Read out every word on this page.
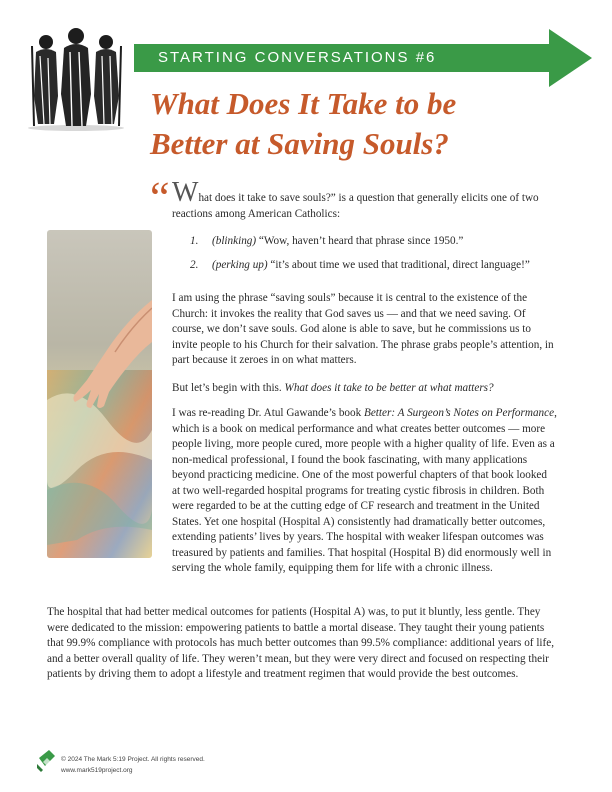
STARTING CONVERSATIONS #6
What Does It Take to be
Better at Saving Souls?
“ What does it take to save souls?” is a question that generally elicits one of two reactions among American Catholics:

1. (blinking) “Wow, haven’t heard that phrase since 1950.”
2. (perking up) “it’s about time we used that traditional, direct language!”

I am using the phrase “saving souls” because it is central to the existence of the Church: it invokes the reality that God saves us — and that we need saving. Of course, we don’t save souls. God alone is able to save, but he commissions us to invite people to his Church for their salvation. The phrase grabs people’s attention, in part because it zeroes in on what matters.

But let’s begin with this. What does it take to be better at what matters?

I was re-reading Dr. Atul Gawande’s book Better: A Surgeon’s Notes on Performance, which is a book on medical performance and what creates better outcomes — more people living, more people cured, more people with a higher quality of life. Even as a non-medical professional, I found the book fascinating, with many applications beyond practicing medicine. One of the most powerful chapters of that book looked at two well-regarded hospital programs for treating cystic fibrosis in children. Both were regarded to be at the cutting edge of CF research and treatment in the United States. Yet one hospital (Hospital A) consistently had dramatically better outcomes, extending patients’ lives by years. The hospital with weaker lifespan outcomes was treasured by patients and families. That hospital (Hospital B) did enormously well in serving the whole family, equipping them for life with a chronic illness.

The hospital that had better medical outcomes for patients (Hospital A) was, to put it bluntly, less gentle. They were dedicated to the mission: empowering patients to battle a mortal disease. They taught their young patients that 99.9% compliance with protocols has much better outcomes than 99.5% compliance: additional years of life, and a better overall quality of life. They weren’t mean, but they were very direct and focused on respecting their patients by driving them to adopt a lifestyle and treatment regimen that would provide the best outcomes.

© 2024 The Mark 5:19 Project. All rights reserved.
www.mark519project.org
